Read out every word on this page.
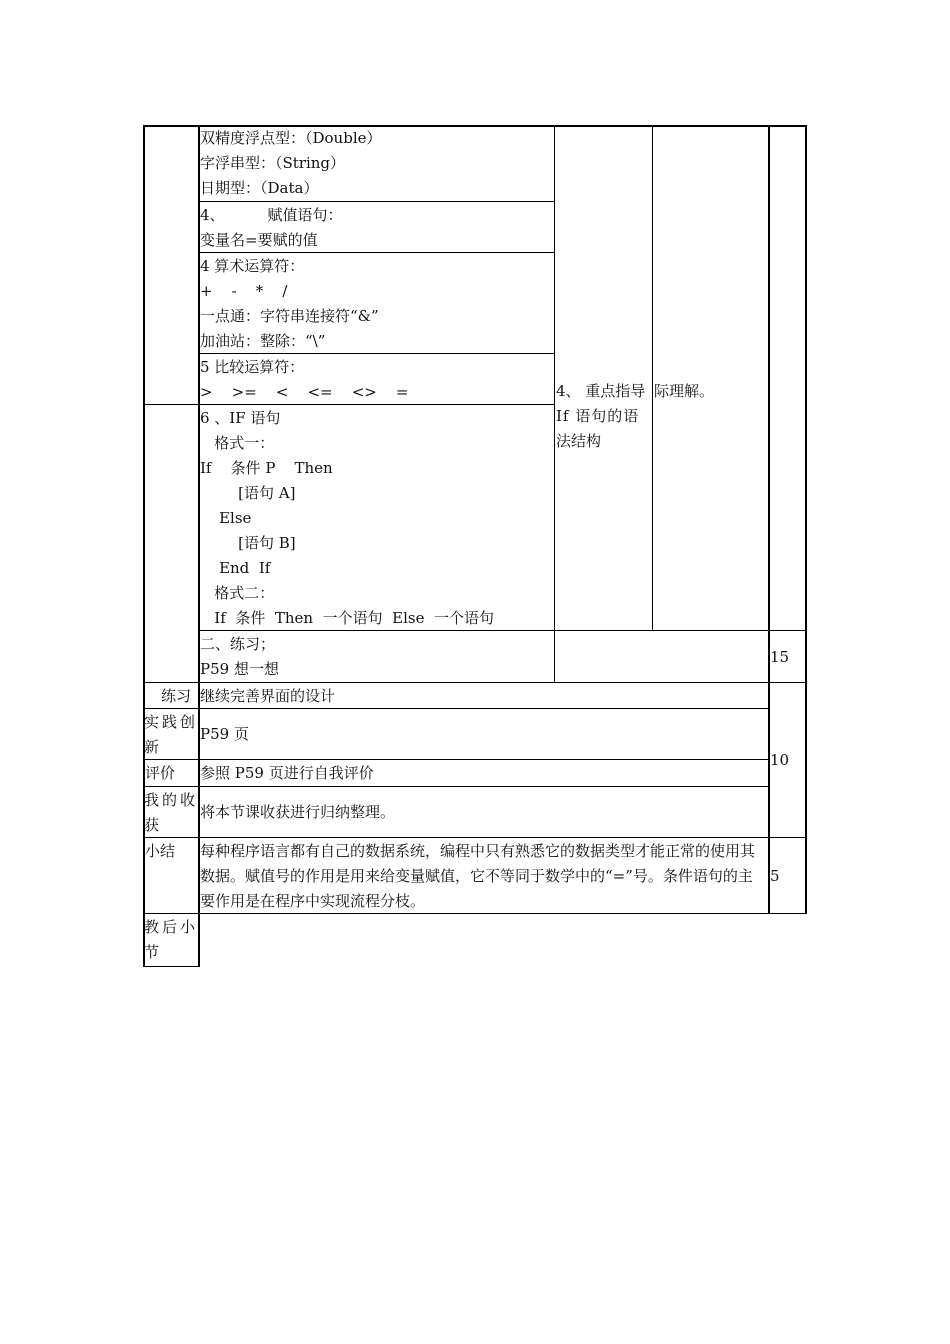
双精度浮点型：（Double）
字浮串型：（String）
日期型：（Data）
4、         赋值语句：
变量名=要赋的值
4 算术运算符：
+    -    *    /
一点通：字符串连接符“&”
加油站：整除：“\”
5 比较运算符：
>    >=    <    <=    <>    =
6 、IF 语句
格式一：
If    条件 P    Then
[语句 A]
Else
[语句 B]
End  If
格式二：
If  条件  Then  一个语句  Else  一个语句
二、练习；
P59 想一想
15
4、 重点指导
If 语句的语
法结构
际理解。
练习 继续完善界面的设计
实践创新
P59 页
评价 参照 P59 页进行自我评价
我的收获
将本节课收获进行归纳整理。
10
小结 每种程序语言都有自己的数据系统，编程中只有熟悉它的数据类型才能正常的使用其数据。赋值号的作用是用来给变量赋值，它不等同于数学中的“=”号。条件语句的主要作用是在程序中实现流程分枝。
5
教后小节
